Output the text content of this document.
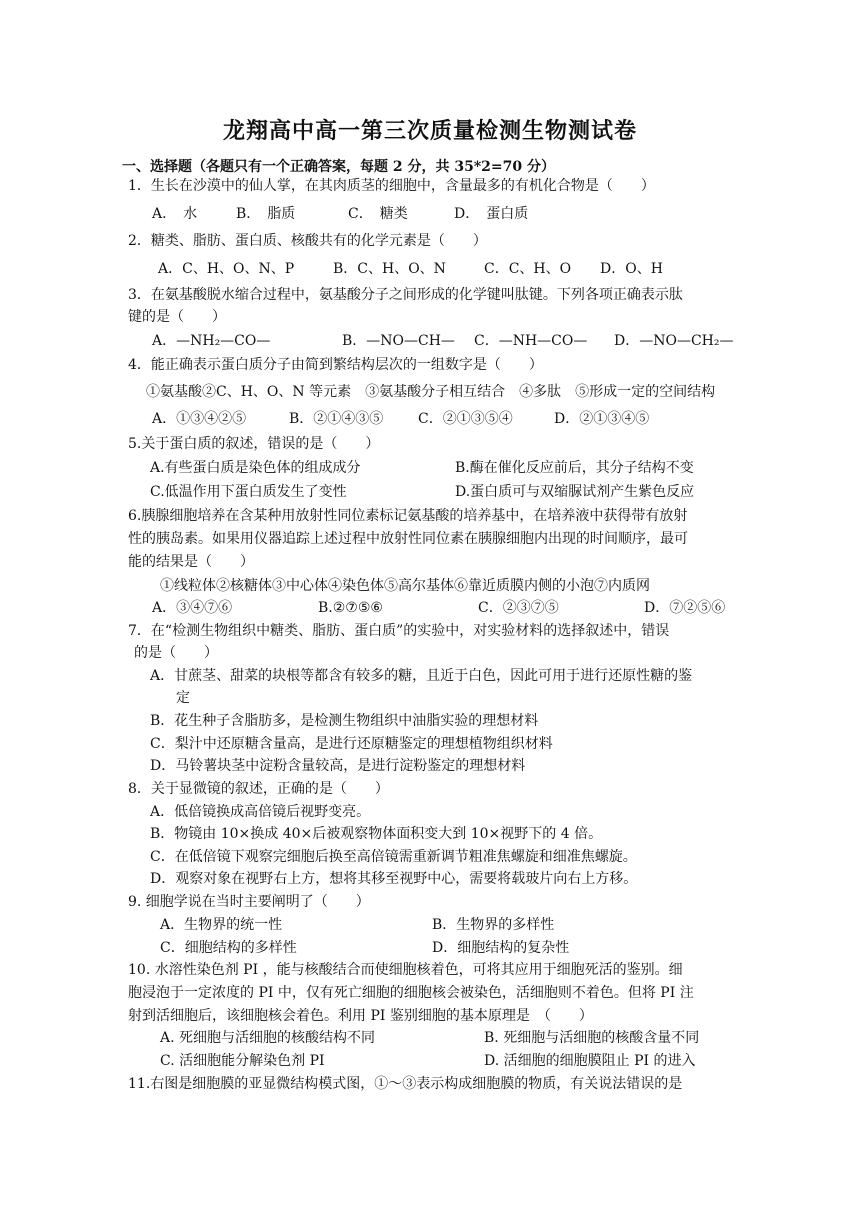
龙翔高中高一第三次质量检测生物测试卷
一、选择题（各题只有一个正确答案，每题 2 分，共 35*2=70 分）
1．生长在沙漠中的仙人掌，在其肉质茎的细胞中，含量最多的有机化合物是（　　）
A．　水	B．　脂质	C．　糖类	D．　蛋白质
2．糖类、脂肪、蛋白质、核酸共有的化学元素是（　　）
A．C、H、O、N、P	B．C、H、O、N	C．C、H、O D．O、H
3．在氨基酸脱水缩合过程中，氨基酸分子之间形成的化学键叫肽键。下列各项正确表示肽
键的是（　　）
A．—NH₂—CO—	B．—NO—CH— C．—NH—CO— D．—NO—CH₂—
4．能正确表示蛋白质分子由简到繁结构层次的一组数字是（　　）
①氨基酸②C、H、O、N 等元素　③氨基酸分子相互结合　④多肽　⑤形成一定的空间结构
A．①③④②⑤	B．②①④③⑤ C．②①③⑤④	D．②①③④⑤
5.关于蛋白质的叙述，错误的是（　　）
A.有些蛋白质是染色体的组成成分	B.酶在催化反应前后，其分子结构不变
C.低温作用下蛋白质发生了变性	D.蛋白质可与双缩脲试剂产生紫色反应
6.胰腺细胞培养在含某种用放射性同位素标记氨基酸的培养基中，在培养液中获得带有放射
性的胰岛素。如果用仪器追踪上述过程中放射性同位素在胰腺细胞内出现的时间顺序，最可
能的结果是（　　）
①线粒体②核糖体③中心体④染色体⑤高尔基体⑥靠近质膜内侧的小泡⑦内质网
A．③④⑦⑥	B.②⑦⑤⑥	C．②③⑦⑤	D．⑦②⑤⑥
7．在“检测生物组织中糖类、脂肪、蛋白质”的实验中，对实验材料的选择叙述中，错误
的是（　　）
A．甘蔗茎、甜菜的块根等都含有较多的糖，且近于白色，因此可用于进行还原性糖的鉴
定
B．花生种子含脂肪多，是检测生物组织中油脂实验的理想材料
C．梨汁中还原糖含量高，是进行还原糖鉴定的理想植物组织材料
D．马铃薯块茎中淀粉含量较高，是进行淀粉鉴定的理想材料
8．关于显微镜的叙述，正确的是（　　）
A．低倍镜换成高倍镜后视野变亮。
B．物镜由 10×换成 40×后被观察物体面积变大到 10×视野下的 4 倍。
C．在低倍镜下观察完细胞后换至高倍镜需重新调节粗准焦螺旋和细准焦螺旋。
D．观察对象在视野右上方，想将其移至视野中心，需要将载玻片向右上方移。
9. 细胞学说在当时主要阐明了（　　）
A．生物界的统一性	B．生物界的多样性
C．细胞结构的多样性	D．细胞结构的复杂性
10. 水溶性染色剂 PI ，能与核酸结合而使细胞核着色，可将其应用于细胞死活的鉴别。细
胞浸泡于一定浓度的 PI 中，仅有死亡细胞的细胞核会被染色，活细胞则不着色。但将 PI 注
射到活细胞后，该细胞核会着色。利用 PI 鉴别细胞的基本原理是　（　　）
A. 死细胞与活细胞的核酸结构不同	B. 死细胞与活细胞的核酸含量不同
C. 活细胞能分解染色剂 PI	D. 活细胞的细胞膜阻止 PI 的进入
11.右图是细胞膜的亚显微结构模式图，①～③表示构成细胞膜的物质，有关说法错误的是
